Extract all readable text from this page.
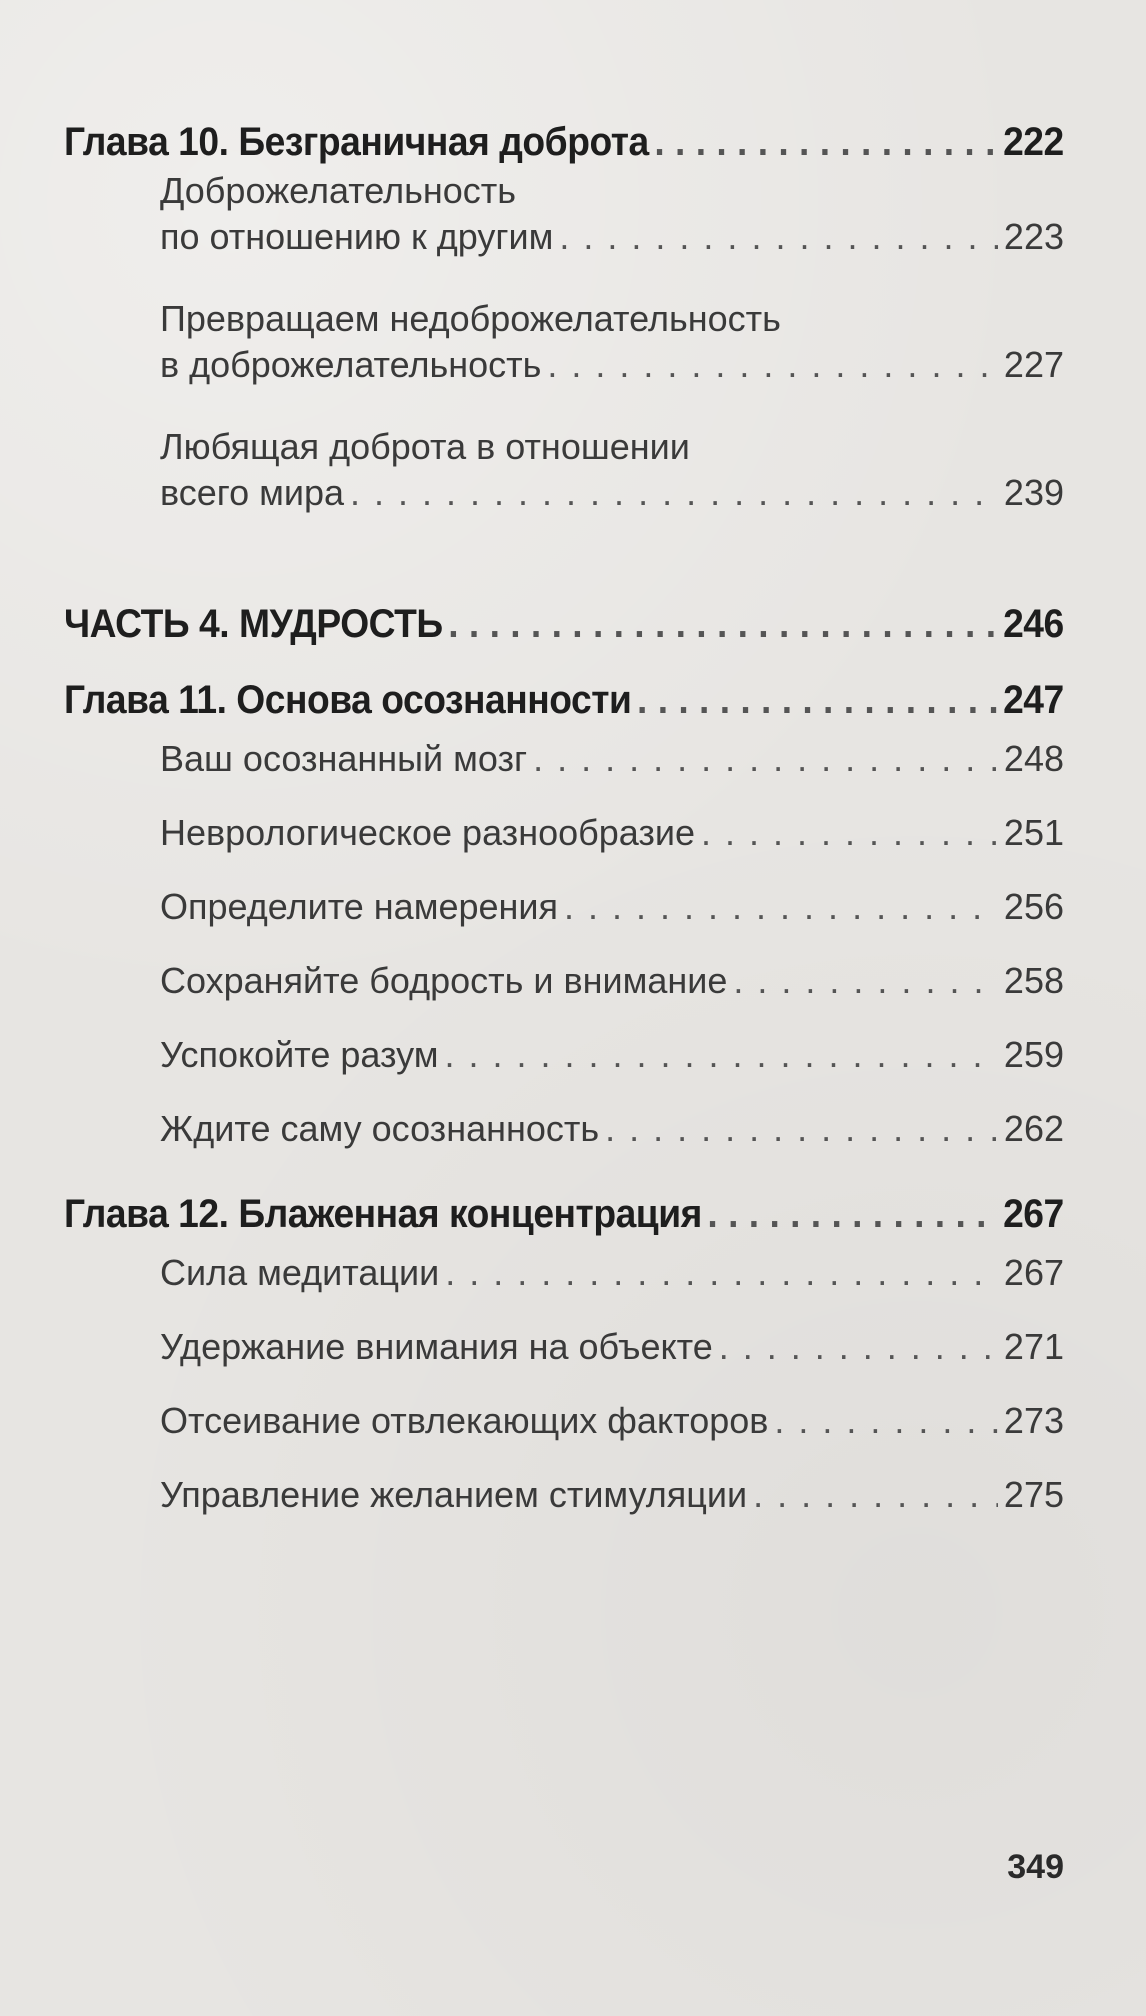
Глава 10. Безграничная доброта . . .	222
Доброжелательность
по отношению к другим . . .	223
Превращаем недоброжелательность
в доброжелательность . . .	227
Любящая доброта в отношении
всего мира . . .	239
ЧАСТЬ 4. МУДРОСТЬ . . .	246
Глава 11. Основа осознанности . . .	247
Ваш осознанный мозг . . .	248
Неврологическое разнообразие . . .	251
Определите намерения . . .	256
Сохраняйте бодрость и внимание . . .	258
Успокойте разум . . .	259
Ждите саму осознанность . . .	262
Глава 12. Блаженная концентрация . . .	267
Сила медитации . . .	267
Удержание внимания на объекте . . .	271
Отсеивание отвлекающих факторов . . .	273
Управление желанием стимуляции . . .	275
349
